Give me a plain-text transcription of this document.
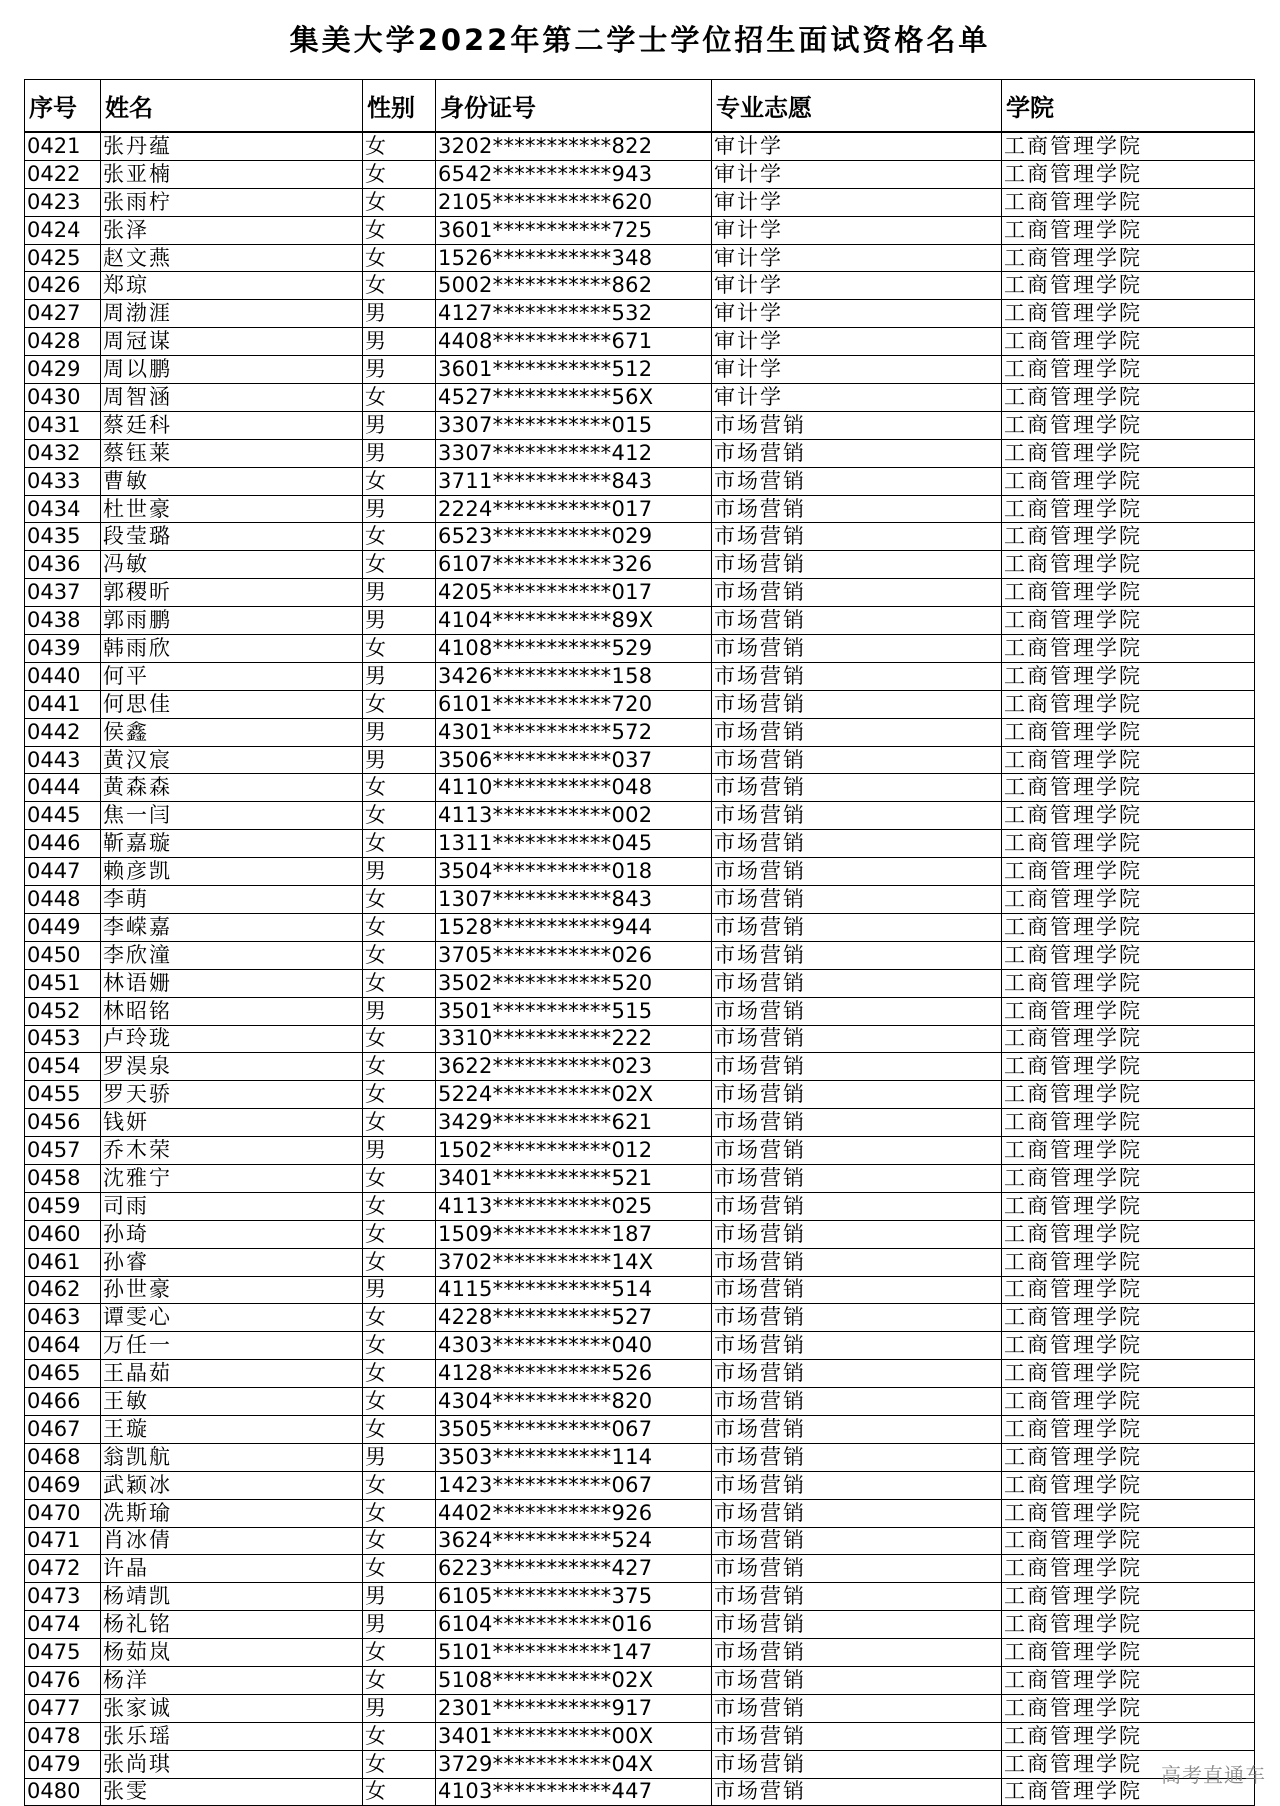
集美大学2022年第二学士学位招生面试资格名单
序号	姓名	性别	身份证号	专业志愿	学院
0421	张丹蕴	女	3202***********822	审计学	工商管理学院
0422	张亚楠	女	6542***********943	审计学	工商管理学院
0423	张雨柠	女	2105***********620	审计学	工商管理学院
0424	张泽	女	3601***********725	审计学	工商管理学院
0425	赵文燕	女	1526***********348	审计学	工商管理学院
0426	郑琼	女	5002***********862	审计学	工商管理学院
0427	周渤涯	男	4127***********532	审计学	工商管理学院
0428	周冠谋	男	4408***********671	审计学	工商管理学院
0429	周以鹏	男	3601***********512	审计学	工商管理学院
0430	周智涵	女	4527***********56X	审计学	工商管理学院
0431	蔡廷科	男	3307***********015	市场营销	工商管理学院
0432	蔡钰莱	男	3307***********412	市场营销	工商管理学院
0433	曹敏	女	3711***********843	市场营销	工商管理学院
0434	杜世豪	男	2224***********017	市场营销	工商管理学院
0435	段莹璐	女	6523***********029	市场营销	工商管理学院
0436	冯敏	女	6107***********326	市场营销	工商管理学院
0437	郭稷昕	男	4205***********017	市场营销	工商管理学院
0438	郭雨鹏	男	4104***********89X	市场营销	工商管理学院
0439	韩雨欣	女	4108***********529	市场营销	工商管理学院
0440	何平	男	3426***********158	市场营销	工商管理学院
0441	何思佳	女	6101***********720	市场营销	工商管理学院
0442	侯鑫	男	4301***********572	市场营销	工商管理学院
0443	黄汉宸	男	3506***********037	市场营销	工商管理学院
0444	黄森森	女	4110***********048	市场营销	工商管理学院
0445	焦一闫	女	4113***********002	市场营销	工商管理学院
0446	靳嘉璇	女	1311***********045	市场营销	工商管理学院
0447	赖彦凯	男	3504***********018	市场营销	工商管理学院
0448	李萌	女	1307***********843	市场营销	工商管理学院
0449	李嵘嘉	女	1528***********944	市场营销	工商管理学院
0450	李欣潼	女	3705***********026	市场营销	工商管理学院
0451	林语姗	女	3502***********520	市场营销	工商管理学院
0452	林昭铭	男	3501***********515	市场营销	工商管理学院
0453	卢玲珑	女	3310***********222	市场营销	工商管理学院
0454	罗淏泉	女	3622***********023	市场营销	工商管理学院
0455	罗天骄	女	5224***********02X	市场营销	工商管理学院
0456	钱妍	女	3429***********621	市场营销	工商管理学院
0457	乔木荣	男	1502***********012	市场营销	工商管理学院
0458	沈雅宁	女	3401***********521	市场营销	工商管理学院
0459	司雨	女	4113***********025	市场营销	工商管理学院
0460	孙琦	女	1509***********187	市场营销	工商管理学院
0461	孙睿	女	3702***********14X	市场营销	工商管理学院
0462	孙世豪	男	4115***********514	市场营销	工商管理学院
0463	谭雯心	女	4228***********527	市场营销	工商管理学院
0464	万任一	女	4303***********040	市场营销	工商管理学院
0465	王晶茹	女	4128***********526	市场营销	工商管理学院
0466	王敏	女	4304***********820	市场营销	工商管理学院
0467	王璇	女	3505***********067	市场营销	工商管理学院
0468	翁凯航	男	3503***********114	市场营销	工商管理学院
0469	武颖冰	女	1423***********067	市场营销	工商管理学院
0470	冼斯瑜	女	4402***********926	市场营销	工商管理学院
0471	肖冰倩	女	3624***********524	市场营销	工商管理学院
0472	许晶	女	6223***********427	市场营销	工商管理学院
0473	杨靖凯	男	6105***********375	市场营销	工商管理学院
0474	杨礼铭	男	6104***********016	市场营销	工商管理学院
0475	杨茹岚	女	5101***********147	市场营销	工商管理学院
0476	杨洋	女	5108***********02X	市场营销	工商管理学院
0477	张家诚	男	2301***********917	市场营销	工商管理学院
0478	张乐瑶	女	3401***********00X	市场营销	工商管理学院
0479	张尚琪	女	3729***********04X	市场营销	工商管理学院
0480	张雯	女	4103***********447	市场营销	工商管理学院
高考直通车
